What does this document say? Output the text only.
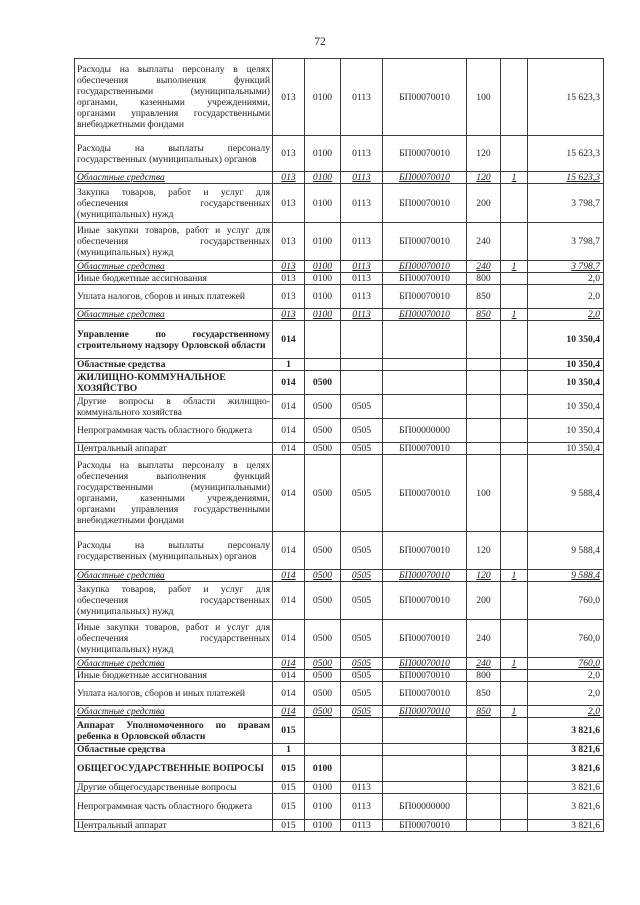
72
Расходы на выплаты персоналу в целях обеспечения выполнения функций государственными (муниципальными) органами, казенными учреждениями, органами управления государственными внебюджетными фондами	013	0100	0113	БП00070010	100		15 623,3
Расходы на выплаты персоналу государственных (муниципальных) органов	013	0100	0113	БП00070010	120		15 623,3
Областные средства	013	0100	0113	БП00070010	120	1	15 623,3
Закупка товаров, работ и услуг для обеспечения государственных (муниципальных) нужд	013	0100	0113	БП00070010	200		3 798,7
Иные закупки товаров, работ и услуг для обеспечения государственных (муниципальных) нужд	013	0100	0113	БП00070010	240		3 798,7
Областные средства	013	0100	0113	БП00070010	240	1	3 798,7
Иные бюджетные ассигнования	013	0100	0113	БП00070010	800		2,0
Уплата налогов, сборов и иных платежей	013	0100	0113	БП00070010	850		2,0
Областные средства	013	0100	0113	БП00070010	850	1	2,0
Управление по государственному строительному надзору Орловской области	014						10 350,4
Областные средства	1						10 350,4
ЖИЛИЩНО-КОММУНАЛЬНОЕ ХОЗЯЙСТВО	014	0500					10 350,4
Другие вопросы в области жилищно-коммунального хозяйства	014	0500	0505				10 350,4
Непрограммная часть областного бюджета	014	0500	0505	БП00000000			10 350,4
Центральный аппарат	014	0500	0505	БП00070010			10 350,4
Расходы на выплаты персоналу в целях обеспечения выполнения функций государственными (муниципальными) органами, казенными учреждениями, органами управления государственными внебюджетными фондами	014	0500	0505	БП00070010	100		9 588,4
Расходы на выплаты персоналу государственных (муниципальных) органов	014	0500	0505	БП00070010	120		9 588,4
Областные средства	014	0500	0505	БП00070010	120	1	9 588,4
Закупка товаров, работ и услуг для обеспечения государственных (муниципальных) нужд	014	0500	0505	БП00070010	200		760,0
Иные закупки товаров, работ и услуг для обеспечения государственных (муниципальных) нужд	014	0500	0505	БП00070010	240		760,0
Областные средства	014	0500	0505	БП00070010	240	1	760,0
Иные бюджетные ассигнования	014	0500	0505	БП00070010	800		2,0
Уплата налогов, сборов и иных платежей	014	0500	0505	БП00070010	850		2,0
Областные средства	014	0500	0505	БП00070010	850	1	2,0
Аппарат Уполномоченного по правам ребенка в Орловской области	015						3 821,6
Областные средства	1						3 821,6
ОБЩЕГОСУДАРСТВЕННЫЕ ВОПРОСЫ	015	0100					3 821,6
Другие общегосударственные вопросы	015	0100	0113				3 821,6
Непрограммная часть областного бюджета	015	0100	0113	БП00000000			3 821,6
Центральный аппарат	015	0100	0113	БП00070010			3 821,6
